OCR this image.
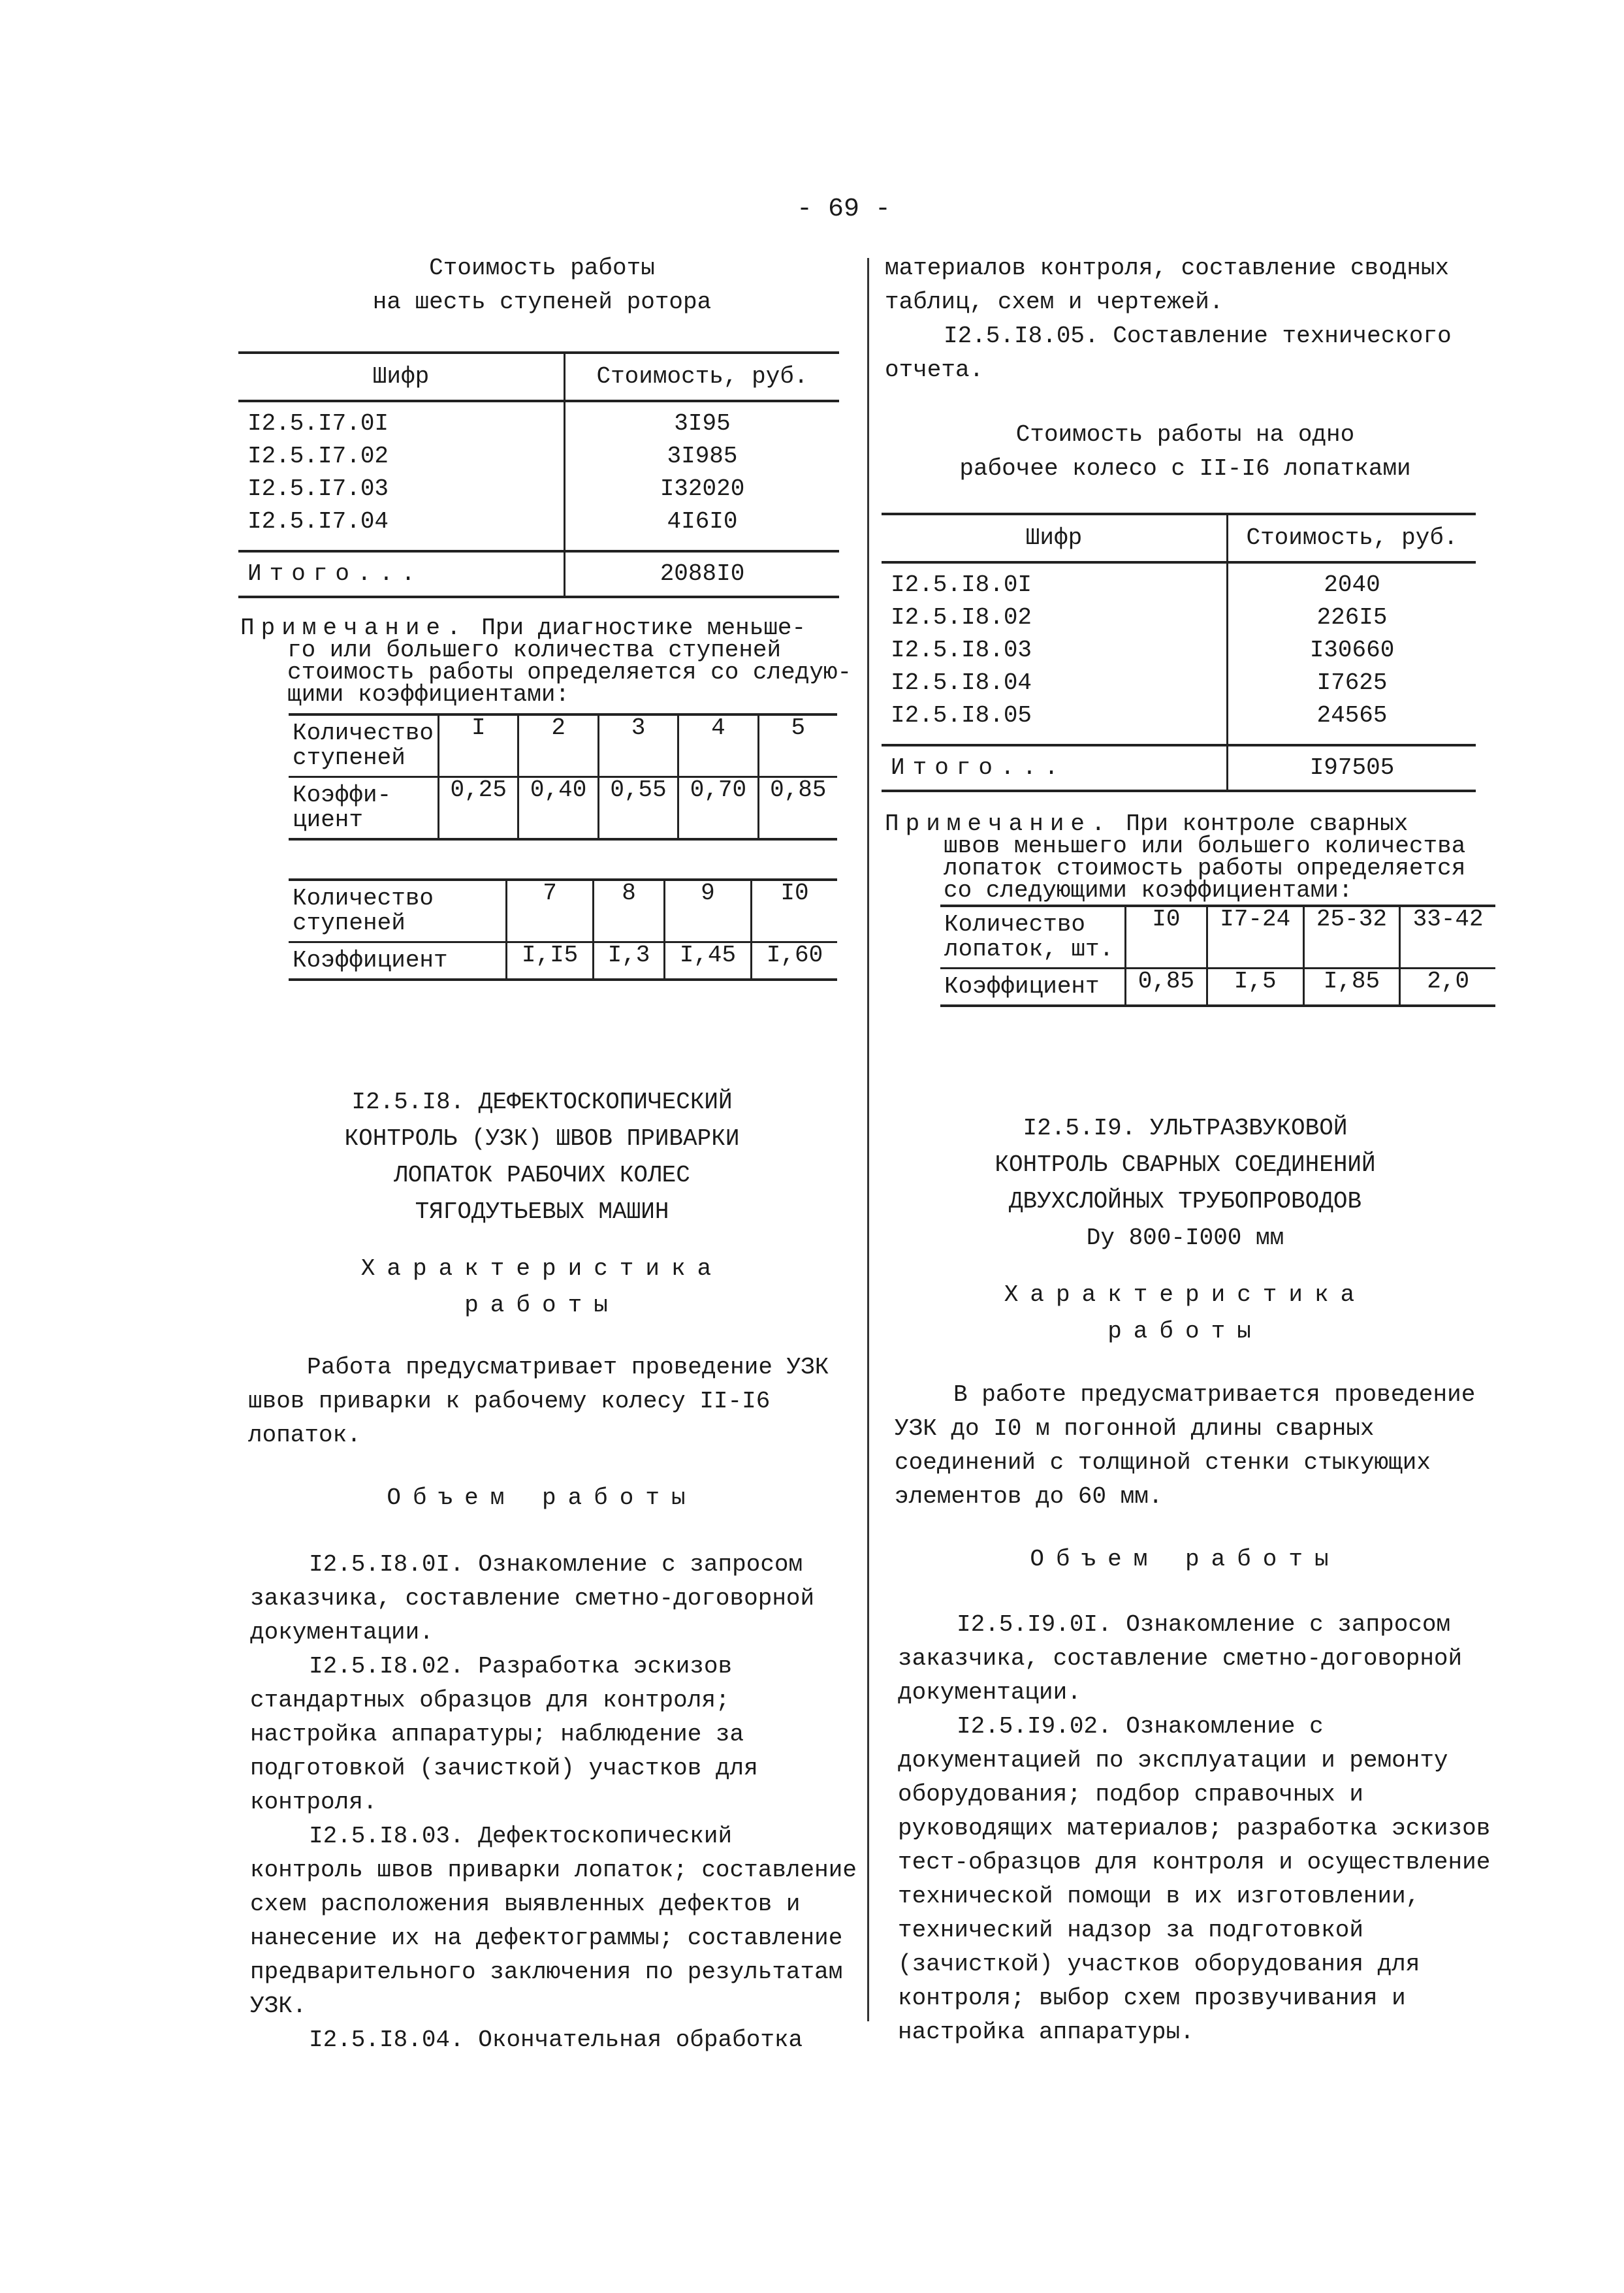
- 69 -
Стоимость работы
на шесть ступеней ротора
Шифр	Стоимость, руб.
I2.5.I7.0I	3I95
I2.5.I7.02	3I985
I2.5.I7.03	I32020
I2.5.I7.04	4I6I0
Итого...	2088I0
Примечание. При диагностике меньше-
го или большего количества ступеней
стоимость работы определяется со следую-
щими коэффициентами:
Количество
ступеней	I	2	3	4	5

Коэффи-
циент	0,25	0,40	0,55	0,70	0,85
Количество
ступеней	7	8	9	I0
Коэффициент	I,I5	I,3	I,45	I,60
I2.5.I8. ДЕФЕКТОСКОПИЧЕСКИЙ
КОНТРОЛЬ (УЗК) ШВОВ ПРИВАРКИ
ЛОПАТОК РАБОЧИХ КОЛЕС
ТЯГОДУТЬЕВЫХ МАШИН
Характеристика
работы

Работа предусматривает проведение УЗК швов приварки к рабочему колесу II-I6 лопаток.

Объем работы

I2.5.I8.0I. Ознакомление с запросом заказчика, составление сметно-договорной документации.

I2.5.I8.02. Разработка эскизов стандартных образцов для контроля; настройка аппаратуры; наблюдение за подготовкой (зачисткой) участков для контроля.

I2.5.I8.03. Дефектоскопический контроль швов приварки лопаток; составление схем расположения выявленных дефектов и нанесение их на дефектограммы; составление предварительного заключения по результатам УЗК.

I2.5.I8.04. Окончательная обработка

материалов контроля, составление сводных таблиц, схем и чертежей.

I2.5.I8.05. Составление технического отчета.

Стоимость работы на одно
рабочее колесо с II-I6 лопатками
Шифр	Стоимость, руб.
I2.5.I8.0I	2040
I2.5.I8.02	226I5
I2.5.I8.03	I30660
I2.5.I8.04	I7625
I2.5.I8.05	24565
Итого...	I97505
Примечание. При контроле сварных
швов меньшего или большего количества
лопаток стоимость работы определяется
со следующими коэффициентами:
Количество
лопаток, шт.	I0	I7-24	25-32	33-42
Коэффициент	0,85	I,5	I,85	2,0
I2.5.I9. УЛЬТРАЗВУКОВОЙ
КОНТРОЛЬ СВАРНЫХ СОЕДИНЕНИЙ
ДВУХСЛОЙНЫХ ТРУБОПРОВОДОВ
Dу 800-I000 мм
Характеристика
работы

В работе предусматривается проведение УЗК до I0 м погонной длины сварных соединений с толщиной стенки стыкующих элементов до 60 мм.

Объем работы

I2.5.I9.0I. Ознакомление с запросом заказчика, составление сметно-договорной документации.

I2.5.I9.02. Ознакомление с документацией по эксплуатации и ремонту оборудования; подбор справочных и руководящих материалов; разработка эскизов тест-образцов для контроля и осуществление технической помощи в их изготовлении, технический надзор за подготовкой (зачисткой) участков оборудования для контроля; выбор схем прозвучивания и настройка аппаратуры.
